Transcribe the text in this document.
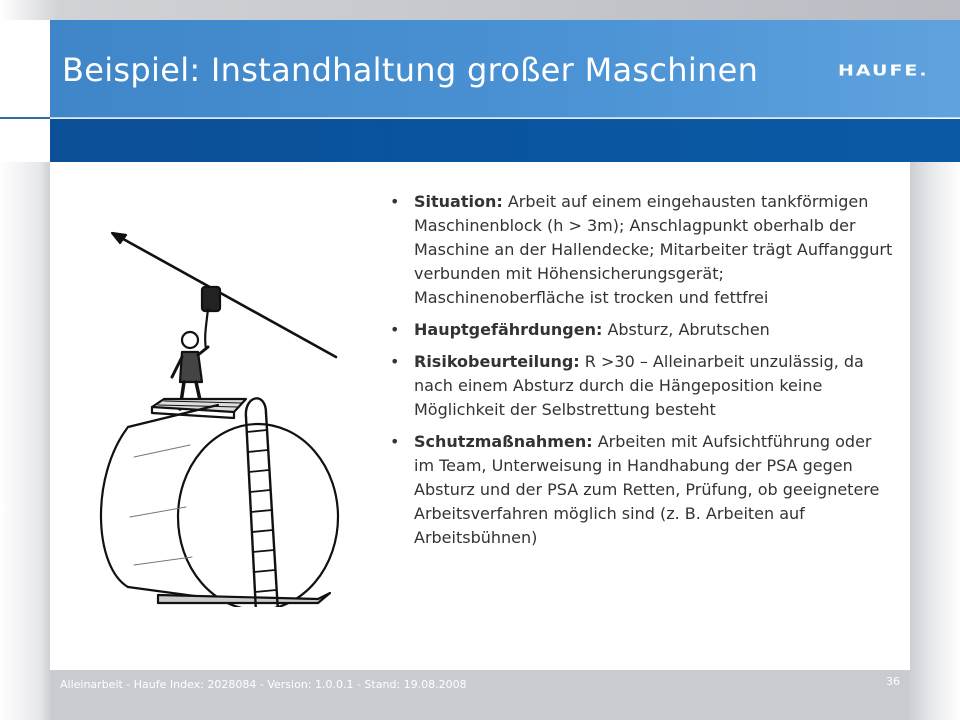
Beispiel: Instandhaltung großer Maschinen	HAUFE.
• Situation: Arbeit auf einem eingehausten tankförmigen Maschinenblock (h > 3m); Anschlagpunkt oberhalb der Maschine an der Hallendecke; Mitarbeiter trägt Auffanggurt verbunden mit Höhensicherungsgerät; Maschinenoberfläche ist trocken und fettfrei
• Hauptgefährdungen: Absturz, Abrutschen
• Risikobeurteilung: R >30 – Alleinarbeit unzulässig, da nach einem Absturz durch die Hängeposition keine Möglichkeit der Selbstrettung besteht
• Schutzmaßnahmen: Arbeiten mit Aufsichtführung oder im Team, Unterweisung in Handhabung der PSA gegen Absturz und der PSA zum Retten, Prüfung, ob geeignetere Arbeitsverfahren möglich sind (z. B. Arbeiten auf Arbeitsbühnen)
Alleinarbeit - Haufe Index: 2028084 - Version: 1.0.0.1 - Stand: 19.08.2008	36
